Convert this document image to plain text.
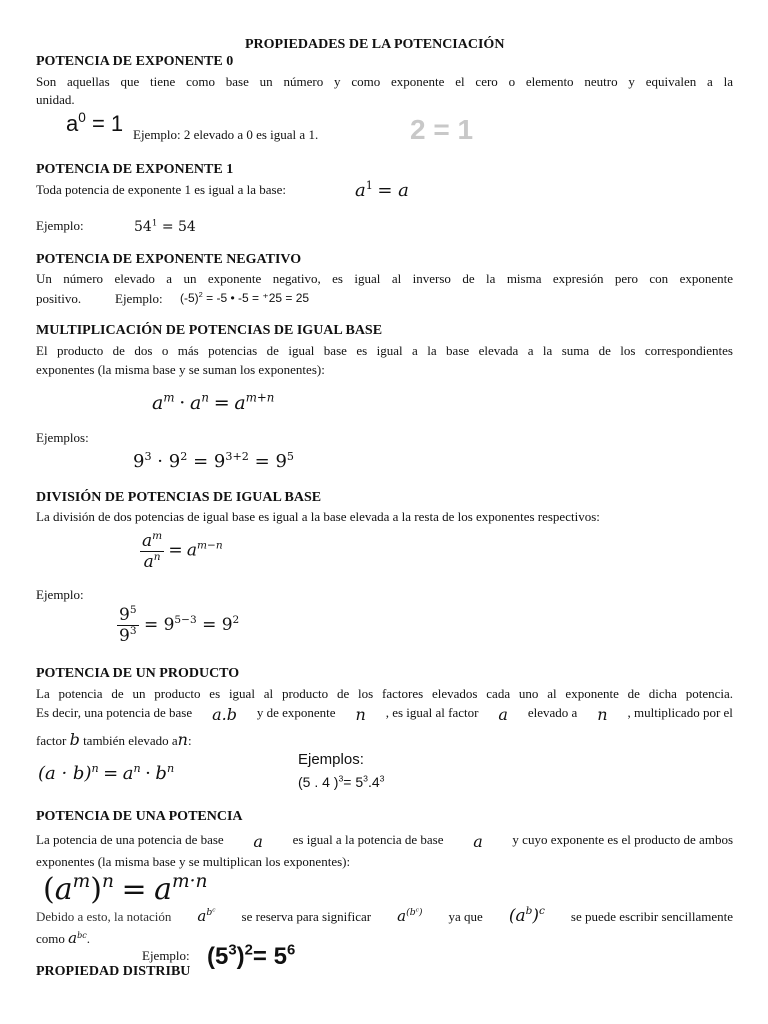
PROPIEDADES DE LA POTENCIACIÓN
POTENCIA DE EXPONENTE 0
Son aquellas que tiene como base un número y como exponente el cero o elemento neutro y equivalen a la
unidad.
$a^0 = 1$ Ejemplo: 2 elevado a 0 es igual a 1.	2 = 1
POTENCIA DE EXPONENTE 1
Toda potencia de exponente 1 es igual a la base:	$a^1 = a$
Ejemplo:	$54^1 = 54$
POTENCIA DE EXPONENTE NEGATIVO
Un número elevado a un exponente negativo, es igual al inverso de la misma expresión pero con exponente
positivo.	Ejemplo: $(-5)^2 = -5$ • -5 = ⁺25 = 25
MULTIPLICACIÓN DE POTENCIAS DE IGUAL BASE
El producto de dos o más potencias de igual base es igual a la base elevada a la suma de los correspondientes
exponentes (la misma base y se suman los exponentes):
$a^m \cdot a^n = a^{m+n}$
Ejemplos:
$9^3 \cdot 9^2 = 9^{3+2} = 9^5$
DIVISIÓN DE POTENCIAS DE IGUAL BASE
La división de dos potencias de igual base es igual a la base elevada a la resta de los exponentes respectivos:
$\frac{a^m}{a^n} = a^{m-n}$
Ejemplo:
$\frac{9^5}{9^3} = 9^{5-3} = 9^2$
POTENCIA DE UN PRODUCTO
La potencia de un producto es igual al producto de los factores elevados cada uno al exponente de dicha potencia.
Es decir, una potencia de base a.b y de exponente n , es igual al factor a elevado a n , multiplicado por el
factor b también elevado an:
$(a \cdot b)^n = a^n \cdot b^n$
Ejemplos:
(5 . 4 )$^3= 5^3.4^3$
POTENCIA DE UNA POTENCIA
La potencia de una potencia de base a es igual a la potencia de base a y cuyo exponente es el producto de ambos
exponentes (la misma base y se multiplican los exponentes):
$(a^m)^n = a^{m\cdot n}$
Debido a esto, la notación $a^{b^c}$ se reserva para significar $a^{(b^c)}$ ya que $(a^b)^c$ se puede escribir sencillamente
como $a^{bc}$.
Ejemplo: $(5^3)^2= 5^6$
PROPIEDAD DISTRIBU
